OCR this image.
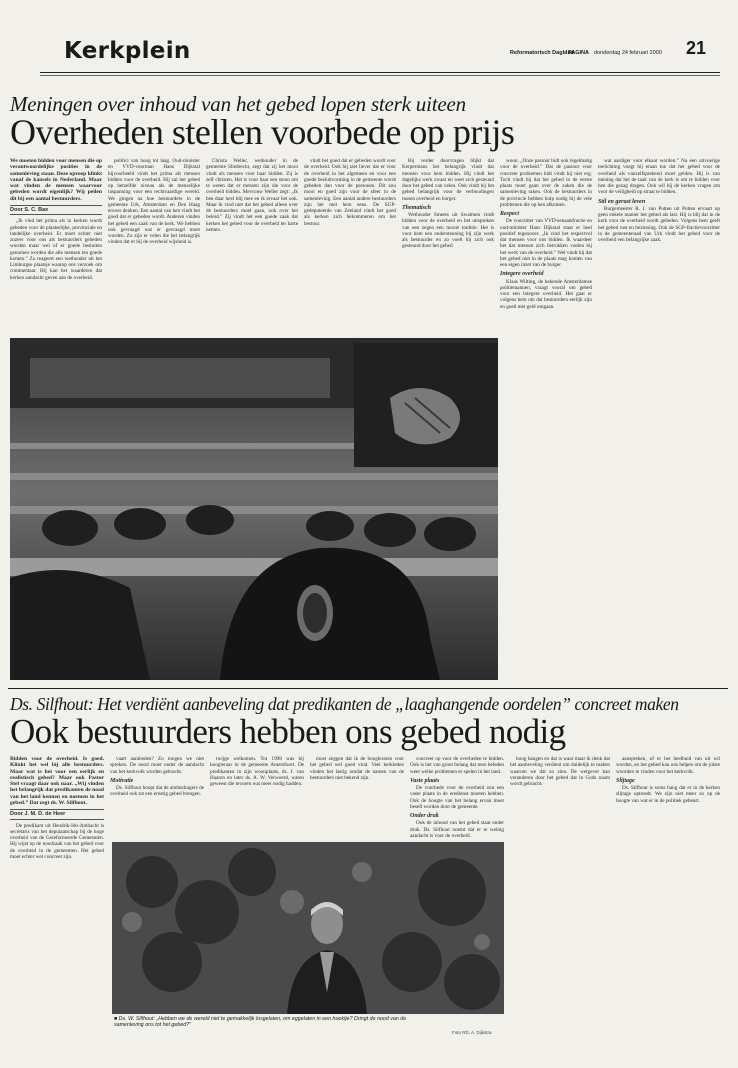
Kerkplein	Reformatorisch Dagblad	donderdag 24 februari 2000 21
PAGINA
Meningen over inhoud van het gebed lopen sterk uiteen
Overheden stellen voorbede op prijs

We moeten bidden voor mensen die op verantwoordelijke posities in de samenleving staan. Deze oproep klinkt vanaf de kansels in Nederland. Maar wat vinden de mensen waarvoor gebeden wordt eigenlijk? Wij peilen dit bij een aantal bestuurders.

Door S. C. Bax

„Ik vind het prima als in kerken wordt gebeden voor de plaatselijke, provinciale en landelijke overheid. Er moet echter niet zozeer voor ons als bestuurders gebeden worden maar wel of er goede besluiten genomen worden die alle mensen ten goede komen.” Zo reageert een wethouder uit het Limburgse plaatsje waarop ons verzoek om commentaar. Hij kan het waarderen dat kerken aandacht geven aan de overheid.

politici van hoog tot laag. Oud-minister en VVD-voorman Hans Dijkstal bijvoorbeeld vindt het prima als mensen bidden voor de overheid. Hij zal het gebed op hetzelfde niveau als de menselijke inspanning voor een rechtvaardige wereld. We gingen na hoe bestuurders in de gemeente Urk, Amsterdam en Den Haag erover denken. Een aantal van hen vindt het goed dat er gebeden wordt. Anderen vinden het gebed een zaak van de kerk. We hebben ook gevraagd wat er gevraagd moet worden. Zo zijn er velen die het belangrijk vinden dat er bij de overheid wijsheid is.

Christa Weller, wethouder in de gemeente Sliedrecht, zegt dat zij het mooi vindt als mensen voor haar bidden. Zij is zelf christen. Het is voor haar een steun om te weten dat er mensen zijn die voor de overheid bidden. Mevrouw Weller zegt: „Ik ben daar heel blij mee en ik ervaar het ook. Maar ik vind niet dat het gebed alleen over de bestuurders moet gaan, ook over het beleid.” Zij vindt het een goede zaak dat kerken het gebed voor de overheid ter harte nemen.

vindt het goed dat er gebeden wordt voor de overheid. Ook hij ziet liever dat er voor de overheid in het algemeen en voor een goede besluitvorming in de gemeente wordt gebeden dan voor de personen. Dit zou mooi en goed zijn voor de sfeer in de samenleving. Een aantal andere bestuurders zijn het met hem eens. De SGP-gedeputeerde van Zeeland vindt het goed als kerken zich bekommeren om het bestuur.

Bij verder doorvragen blijkt dat Kerpermans het belangrijk vindt dat mensen voor hem bidden. Hij vindt het dagelijks werk zwaar en weet zich gesteund door het gebed van velen. Ook vindt hij het gebed belangrijk voor de verhoudingen tussen overheid en burger.

Thematisch

Wethouder Smeets uit Swalmen vindt bidden voor de overheid en het uitspreken van een zegen een mooie traditie. Het is voor hem een ondersteuning bij zijn werk als bestuurder en zo voelt hij zich ook gesteund door het gebed.

woon. „Onze pastoor bidt ook regelmatig voor de overheid.” Dat de pastoor voor concrete problemen bidt vindt hij niet erg. Toch vindt hij dat het gebed in de eerste plaats moet gaan over de zaken die de samenleving raken. Ook de bestuurders in de provincie hebben hulp nodig bij de vele problemen die op hen afkomen.

Respect

De voorzitter van VVD-senaatsfractie en oud-minister Hans Dijkstal staat er heel positief tegenover. „Ik vind het respectvol dat mensen voor ons bidden. Ik waardeer het dat mensen zich betrokken voelen bij het werk van de overheid.” Wel vindt hij dat het gebed niet in de plaats mag komen van een eigen inzet van de burger.

Integere overheid

Klaas Wilting, de bekende Amsterdamse politiemannen, vraagt vooral om gebed voor een integere overheid. Het gaat er volgens hem om dat bestuurders eerlijk zijn en goed met geld omgaan.

wat aardiger voor elkaar worden.” Na een uitvoerige toelichting voegt hij eraan toe dat het gebed voor de overheid als vanzelfsprekend moet gelden. Hij is van mening dat het de taak van de kerk is om te bidden voor hen die gezag dragen. Ook wil hij de kerken vragen om voor de veiligheid op straat te bidden.

Stil en gerust leven

Burgemeester R. J. van Putten uit Putten ervaart op geen enkele manier het gebed als last. Hij is blij dat in de kerk voor de overheid wordt gebeden. Volgens hem geeft het gebed rust en bezinning. Ook de SGP-fractievoorzitter in de gemeenteraad van Urk vindt het gebed voor de overheid een belangrijke zaak.

Ds. Silfhout: Het verdiënt aanbeveling dat predikanten de „laaghangende oordelen” concreet maken
Ook bestuurders hebben ons gebed nodig

Bidden voor de overheid. Is goed. Klinkt het wel bij alle bestuurders. Maar wat is het voor een eerlijk en realistisch gebed? Maar ook Pastor Stel vraagt daar ook naar. „Wij vinden het belangrijk dat predikanten de nood van het land kennen en noemen in het gebed.” Dat zegt ds. W. Silfhout.

Door J. M. D. de Heer

De predikant uit Hendrik-Ido-Ambacht is secretaris van het deputaatschap bij de hoge overheid van de Gereformeerde Gemeenten. Hij wijst op de noodzaak van het gebed voor de overheid in de gemeenten. Het gebed moet echter wel concreet zijn.

vaart aanbieden? Zo mogen we niet spreken. De nood moet onder de aandacht van het kerkvolk worden gebracht.

Motivatie

Ds. Silfhout hoopt dat de ambtsdragers de overheid ook tot een ernstig gebed brengen.

twijge welkomen. Tot 1998 was hij hoogleraar in de gemeente Amersfoort. De predikanten in zijn woonplaats, ds. J. van Haaren en later ds. A. W. Verwoerd, waren geweest die tevoren wat meer nodig hadden.

moet zeggen dat ik de hoogleraren voor het gebed wel goed vind. Veel kerkleden vinden het lastig omdat de namen van de bestuurders niet bekend zijn.

concreet op voor de overheden te bidden. Ook is het van groot belang dat men beleden weet welke problemen er spelen in het land.

Vaste plaats

De voorbede voor de overheid zou een vaste plaats in de eredienst moeten hebben. Ook de hoogte van het belang ervan moet beseft worden door de gemeente.

Onder druk

Ook de inhoud van het gebed staat onder druk. Ds. Silfhout noemt dat er te weinig aandacht is voor de overheid.

hoog hangen en dat is waar maar ik denk dat het aanbeveling verdient om duidelijk te maken waarom we dat zo zien. De wetgever kan veranderen door het gebed dat in Gods naam wordt gebracht.

aanspreken, of er het heelhuid van uit wil worden, en het gebed kan ons helpen om de juiste woorden te vinden voor het kerkvolk.

Slijtage

Ds. Silfhout is soms bang dat er in de kerken slijtage optreedt. We zijn niet meer zo op de hoogte van wat er in de politiek gebeurt.

■ Ds. W. Silfhout: „Hebben we de wereld niet te gemakkelijk losgelaten, om eggelaten in een hoektje? Dringt de nood van de samenleving ons tot het gebed?”
Foto RD, A. Dijkstra
